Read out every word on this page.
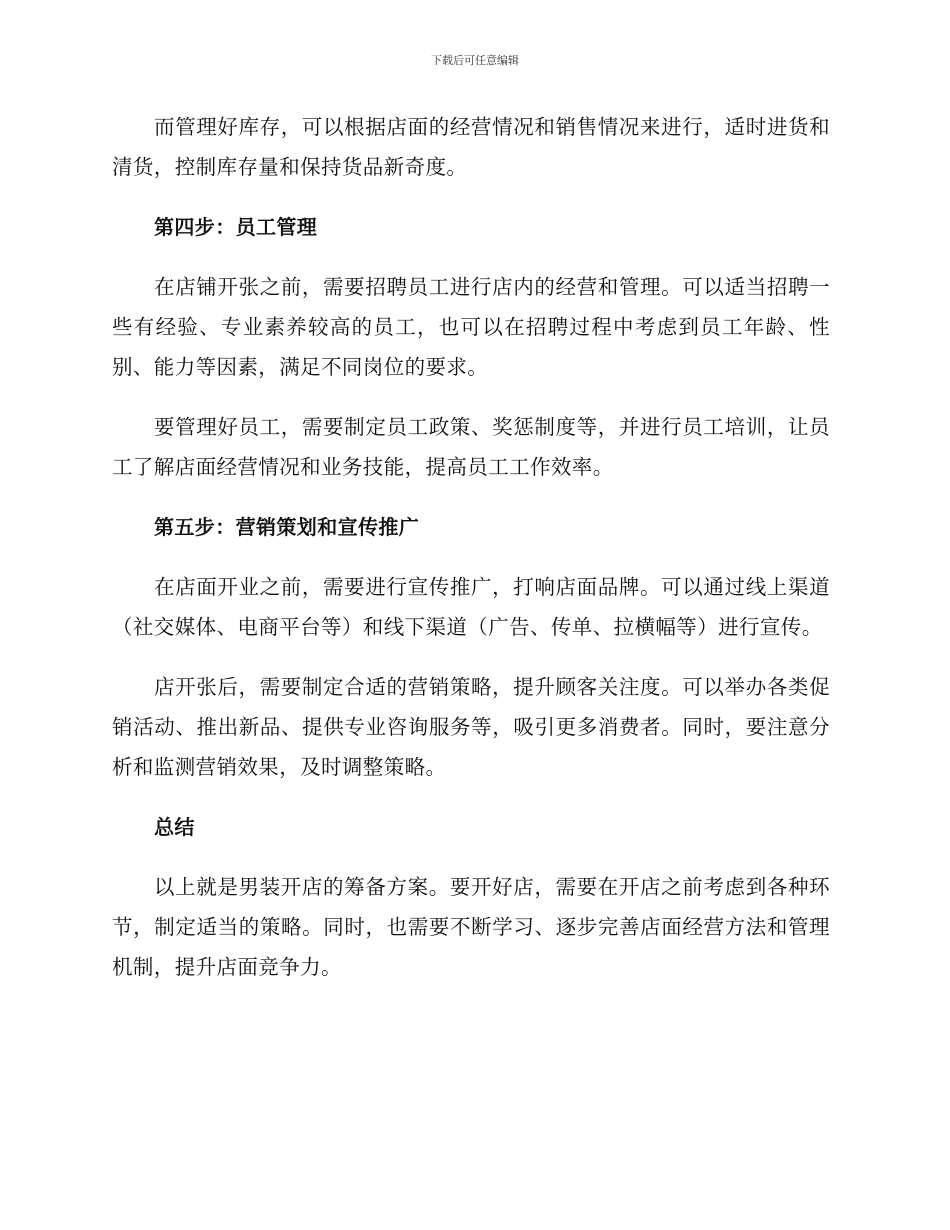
下载后可任意编辑

而管理好库存，可以根据店面的经营情况和销售情况来进行，适时进货和清货，控制库存量和保持货品新奇度。

第四步：员工管理

在店铺开张之前，需要招聘员工进行店内的经营和管理。可以适当招聘一些有经验、专业素养较高的员工，也可以在招聘过程中考虑到员工年龄、性别、能力等因素，满足不同岗位的要求。

要管理好员工，需要制定员工政策、奖惩制度等，并进行员工培训，让员工了解店面经营情况和业务技能，提高员工工作效率。

第五步：营销策划和宣传推广

在店面开业之前，需要进行宣传推广，打响店面品牌。可以通过线上渠道（社交媒体、电商平台等）和线下渠道（广告、传单、拉横幅等）进行宣传。

店开张后，需要制定合适的营销策略，提升顾客关注度。可以举办各类促销活动、推出新品、提供专业咨询服务等，吸引更多消费者。同时，要注意分析和监测营销效果，及时调整策略。

总结

以上就是男装开店的筹备方案。要开好店，需要在开店之前考虑到各种环节，制定适当的策略。同时，也需要不断学习、逐步完善店面经营方法和管理机制，提升店面竞争力。
